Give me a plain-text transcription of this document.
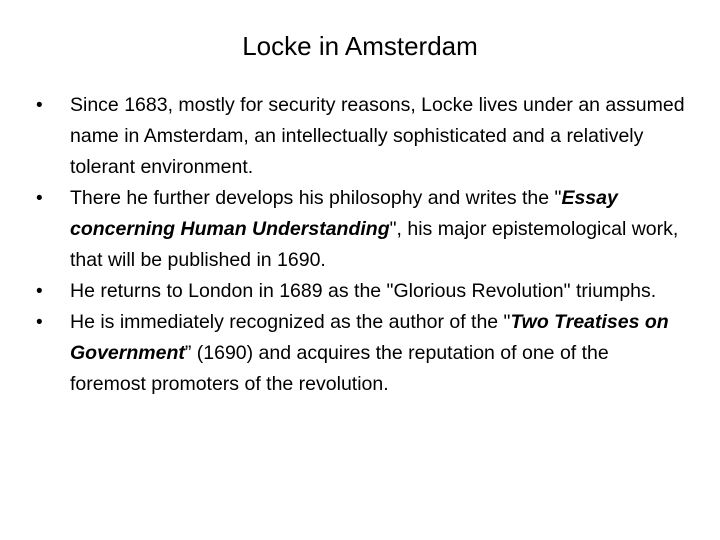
Locke in Amsterdam
•	Since 1683, mostly for security reasons, Locke lives under an assumed name in Amsterdam, an intellectually sophisticated and a relatively tolerant environment.
•	There he further develops his philosophy and writes the "Essay concerning Human Understanding", his major epistemological work, that will be published in 1690.
•	He returns to London in 1689 as the "Glorious Revolution" triumphs.
•	He is immediately recognized as the author of the "Two Treatises on Government” (1690) and acquires the reputation of one of the foremost promoters of the revolution.
